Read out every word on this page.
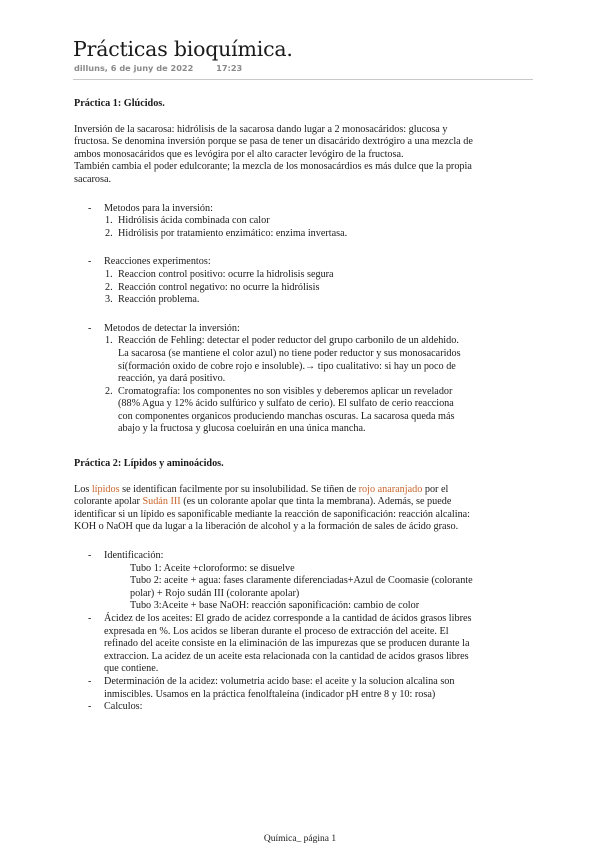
Prácticas bioquímica.
dilluns, 6 de juny de 2022	17:23

Práctica 1: Glúcidos.

Inversión de la sacarosa: hidrólisis de la sacarosa dando lugar a 2 monosacáridos: glucosa y

fructosa. Se denomina inversión porque se pasa de tener un disacárido dextrógiro a una mezcla de

ambos monosacáridos que es levógira por el alto caracter levógiro de la fructosa.

También cambia el poder edulcorante; la mezcla de los monosacárdios es más dulce que la propia

sacarosa.

- Metodos para la inversión:

1. Hidrólisis ácida combinada con calor

2. Hidrólisis por tratamiento enzimático: enzima invertasa.

- Reacciones experimentos:

1. Reaccion control positivo: ocurre la hidrolisis segura

2. Reacción control negativo: no ocurre la hidrólisis

3. Reacción problema.

- Metodos de detectar la inversión:

1. Reacción de Fehling: detectar el poder reductor del grupo carbonilo de un aldehido.

La sacarosa (se mantiene el color azul) no tiene poder reductor y sus monosacaridos

sí(formación oxido de cobre rojo e insoluble).→ tipo cualitativo: si hay un poco de

reacción, ya dará positivo.

2. Cromatografía: los componentes no son visibles y deberemos aplicar un revelador

(88% Agua y 12% ácido sulfúrico y sulfato de cerio). El sulfato de cerio reacciona

con componentes organicos produciendo manchas oscuras. La sacarosa queda más

abajo y la fructosa y glucosa coeluirán en una única mancha.

Práctica 2: Lípidos y aminoácidos.

Los lípidos se identifican facilmente por su insolubilidad. Se tiñen de rojo anaranjado por el

colorante apolar Sudán III (es un colorante apolar que tinta la membrana). Además, se puede

identificar si un lípido es saponificable mediante la reacción de saponificación: reacción alcalina:

KOH o NaOH que da lugar a la liberación de alcohol y a la formación de sales de ácido graso.

- Identificación:

Tubo 1: Aceite +cloroformo: se disuelve

Tubo 2: aceite + agua: fases claramente diferenciadas+Azul de Coomasie (colorante

polar) + Rojo sudán III (colorante apolar)

Tubo 3:Aceite + base NaOH: reacción saponificación: cambio de color

- Ácidez de los aceites: El grado de acidez corresponde a la cantidad de ácidos grasos libres

expresada en %. Los acidos se liberan durante el proceso de extracción del aceite. El

refinado del aceite consiste en la eliminación de las impurezas que se producen durante la

extraccion. La acidez de un aceite esta relacionada con la cantidad de acidos grasos libres

que contiene.

- Determinación de la acidez: volumetria acido base: el aceite y la solucion alcalina son

inmiscibles. Usamos en la práctica fenolftaleína (indicador pH entre 8 y 10: rosa)

- Calculos:

Química_ página 1
